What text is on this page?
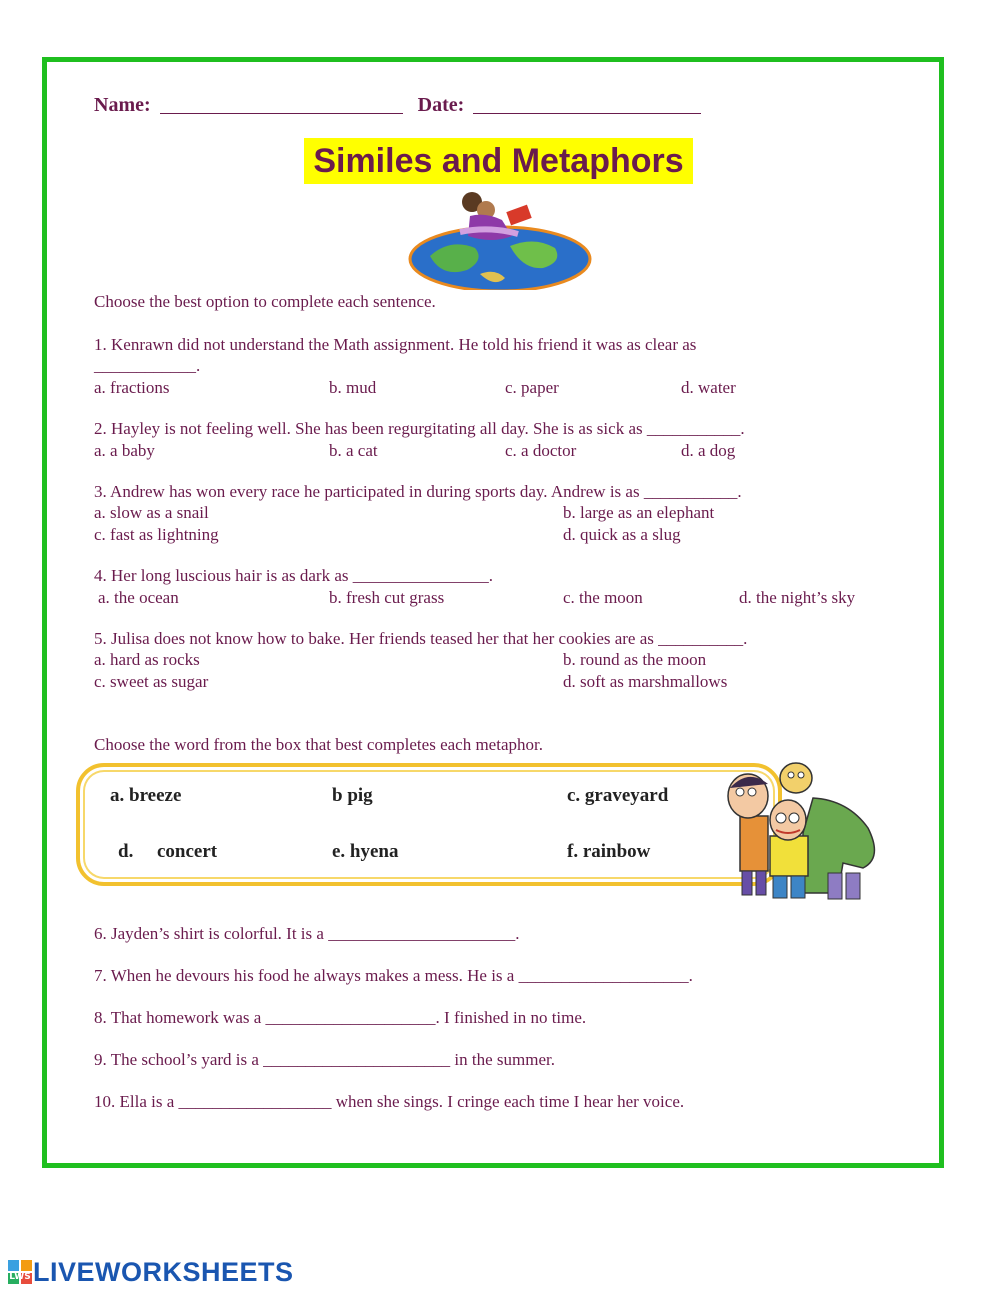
Name:	Date:
Similes and Metaphors
Choose the best option to complete each sentence.
1. Kenrawn did not understand the Math assignment. He told his friend it was as clear as
____________.
a. fractions	b. mud	c. paper	d. water
2. Hayley is not feeling well. She has been regurgitating all day. She is as sick as ___________.
a. a baby	b. a cat	c. a doctor	d. a dog
3. Andrew has won every race he participated in during sports day. Andrew is as ___________.
a. slow as a snail	b. large as an elephant
c. fast as lightning	d. quick as a slug
4. Her long luscious hair is as dark as ________________.
a. the ocean	b. fresh cut grass	c. the moon	d. the night’s sky
5. Julisa does not know how to bake. Her friends teased her that her cookies are as __________.
a. hard as rocks	b. round as the moon
c. sweet as sugar	d. soft as marshmallows
Choose the word from the box that best completes each metaphor.
a. breeze	b pig	c. graveyard
d. concert	e. hyena	f. rainbow
6. Jayden’s shirt is colorful. It is a ______________________.
7. When he devours his food he always makes a mess. He is a ____________________.
8. That homework was a ____________________. I finished in no time.
9. The school’s yard is a ______________________ in the summer.
10. Ella is a __________________ when she sings. I cringe each time I hear her voice.
LWS LIVEWORKSHEETS
